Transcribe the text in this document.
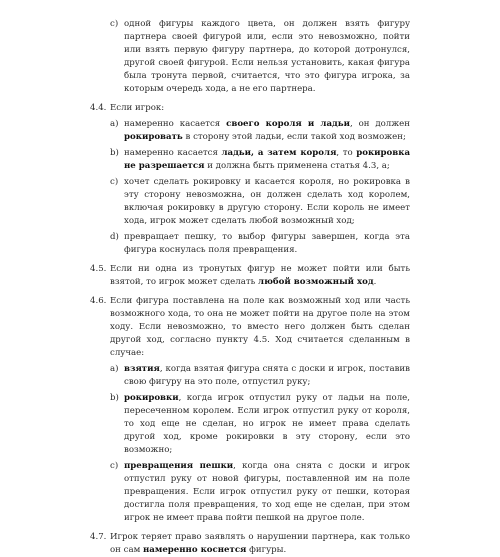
c) одной фигуры каждого цвета, он должен взять фигуру партнера своей фигурой или, если это невозможно, пойти или взять первую фигуру партнера, до которой дотронулся, другой своей фигурой. Если нельзя установить, какая фигура была тронута первой, считается, что это фигура игрока, за которым очередь хода, а не его партнера.
4.4. Если игрок:
a) намеренно касается своего короля и ладьи, он должен рокировать в сторону этой ладьи, если такой ход возможен;
b) намеренно касается ладьи, а затем короля, то рокировка не разрешается и должна быть применена статья 4.3, а;
c) хочет сделать рокировку и касается короля, но рокировка в эту сторону невозможна, он должен сделать ход королем, включая рокировку в другую сторону. Если король не имеет хода, игрок может сделать любой возможный ход;
d) превращает пешку, то выбор фигуры завершен, когда эта фигура коснулась поля превращения.
4.5. Если ни одна из тронутых фигур не может пойти или быть взятой, то игрок может сделать любой возможный ход.
4.6. Если фигура поставлена на поле как возможный ход или часть возможного хода, то она не может пойти на другое поле на этом ходу. Если невозможно, то вместо него должен быть сделан другой ход, согласно пункту 4.5. Ход считается сделанным в случае:
a) взятия, когда взятая фигура снята с доски и игрок, поставив свою фигуру на это поле, отпустил руку;
b) рокировки, когда игрок отпустил руку от ладьи на поле, пересеченном королем. Если игрок отпустил руку от короля, то ход еще не сделан, но игрок не имеет права сделать другой ход, кроме рокировки в эту сторону, если это возможно;
c) превращения пешки, когда она снята с доски и игрок отпустил руку от новой фигуры, поставленной им на поле превращения. Если игрок отпустил руку от пешки, которая достигла поля превращения, то ход еще не сделан, при этом игрок не имеет права пойти пешкой на другое поле.
4.7. Игрок теряет право заявлять о нарушении партнера, как только он сам намеренно коснется фигуры.
